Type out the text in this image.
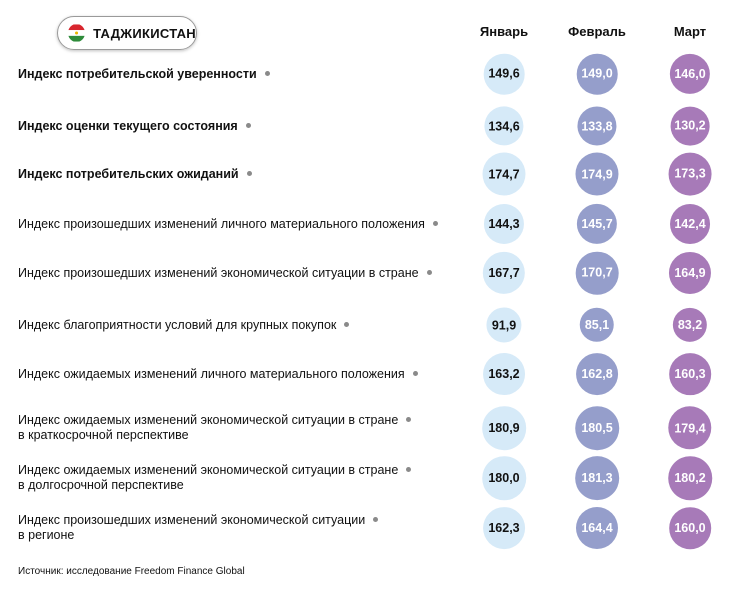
ТАДЖИКИСТАН	Январь	Февраль	Март
Индекс потребительской уверенности	149,6	149,0	146,0
Индекс оценки текущего состояния	134,6	133,8	130,2
Индекс потребительских ожиданий	174,7	174,9	173,3
Индекс произошедших изменений личного материального положения	144,3	145,7	142,4
Индекс произошедших изменений экономической ситуации в стране	167,7	170,7	164,9
Индекс благоприятности условий для крупных покупок	91,9	85,1	83,2
Индекс ожидаемых изменений личного материального положения	163,2	162,8	160,3
Индекс ожидаемых изменений экономической ситуации в стране
в краткосрочной перспективе
180,9	180,5	179,4
Индекс ожидаемых изменений экономической ситуации в стране
в долгосрочной перспективе
180,0	181,3	180,2
Индекс произошедших изменений экономической ситуации
в регионе
162,3	164,4	160,0
Источник: исследование Freedom Finance Global
